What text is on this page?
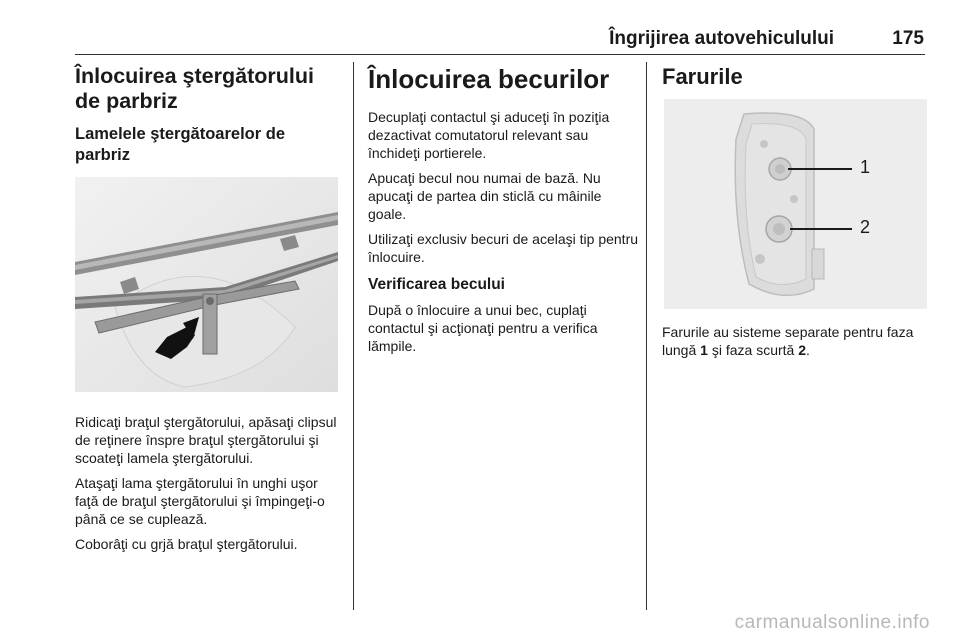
Îngrijirea autovehiculului	175
Înlocuirea ştergătorului de parbriz
Lamelele ştergătoarelor de parbriz

Ridicaţi braţul ştergătorului, apăsaţi clipsul de reţinere înspre braţul ştergătorului şi scoateţi lamela ştergătorului.

Ataşaţi lama ştergătorului în unghi uşor faţă de braţul ştergătorului şi împingeţi-o până ce se cuplează.

Coborâţi cu grjă braţul ştergătorului.

Înlocuirea becurilor

Decuplaţi contactul şi aduceţi în poziţia dezactivat comutatorul relevant sau închideţi portierele.

Apucaţi becul nou numai de bază. Nu apucaţi de partea din sticlă cu mâinile goale.

Utilizaţi exclusiv becuri de acelaşi tip pentru înlocuire.

Verificarea becului

După o înlocuire a unui bec, cuplaţi contactul şi acţionaţi pentru a verifica lămpile.

Farurile
1
2

Farurile au sisteme separate pentru faza lungă 1 şi faza scurtă 2.

carmanualsonline.info
